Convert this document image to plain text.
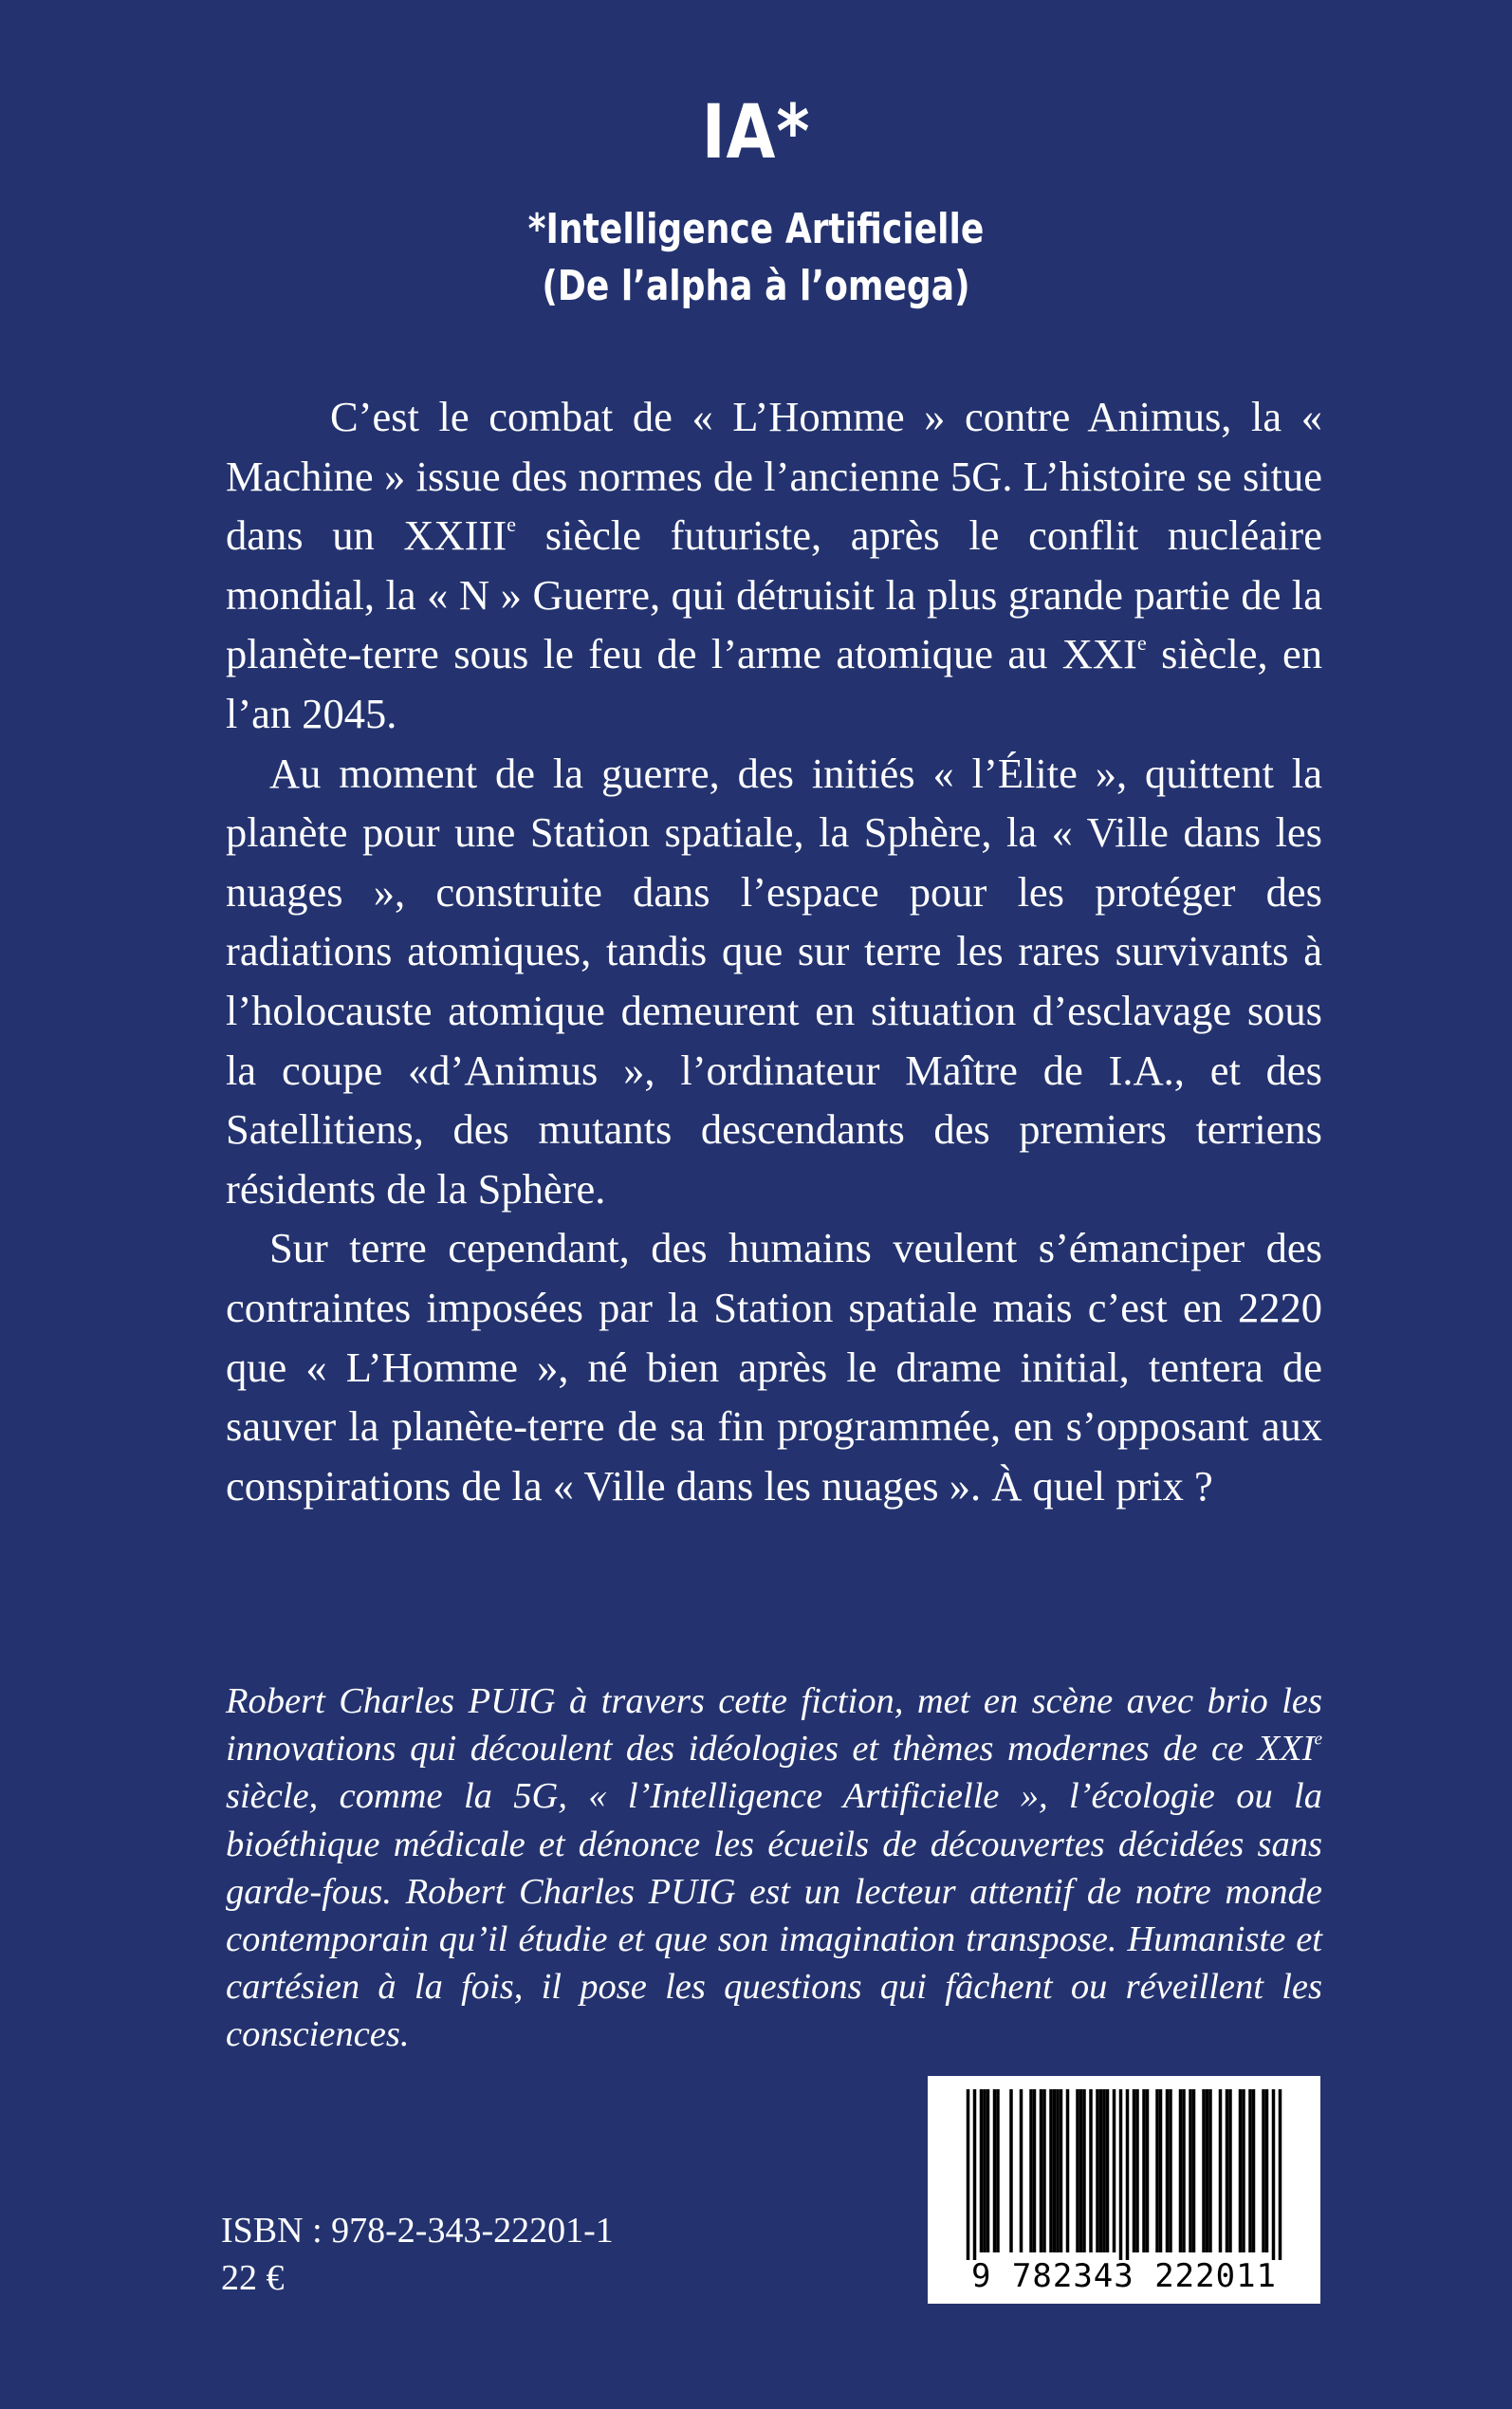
IA*
*Intelligence Artificielle
(De l’alpha à l’omega)

C’est le combat de « L’Homme » contre Animus, la « Machine » issue des normes de l’ancienne 5G. L’histoire se situe dans un XXIIIe siècle futuriste, après le conflit nucléaire mondial, la « N » Guerre, qui détruisit la plus grande partie de la planète-terre sous le feu de l’arme atomique au XXIe siècle, en l’an 2045.

Au moment de la guerre, des initiés « l’Élite », quittent la planète pour une Station spatiale, la Sphère, la « Ville dans les nuages », construite dans l’espace pour les protéger des radiations atomiques, tandis que sur terre les rares survivants à l’holocauste atomique demeurent en situation d’esclavage sous la coupe «d’Animus », l’ordinateur Maître de I.A., et des Satellitiens, des mutants descendants des premiers terriens résidents de la Sphère.

Sur terre cependant, des humains veulent s’émanciper des contraintes imposées par la Station spatiale mais c’est en 2220 que « L’Homme », né bien après le drame initial, tentera de sauver la planète-terre de sa fin programmée, en s’opposant aux conspirations de la « Ville dans les nuages ». À quel prix ?

Robert Charles PUIG à travers cette fiction, met en scène avec brio les innovations qui découlent des idéologies et thèmes modernes de ce XXIe siècle, comme la 5G, « l’Intelligence Artificielle », l’écologie ou la bioéthique médicale et dénonce les écueils de découvertes décidées sans garde-fous. Robert Charles PUIG est un lecteur attentif de notre monde contemporain qu’il étudie et que son imagination transpose. Humaniste et cartésien à la fois, il pose les questions qui fâchent ou réveillent les consciences.

ISBN : 978-2-343-22201-1
22 €	9 782343 222011
